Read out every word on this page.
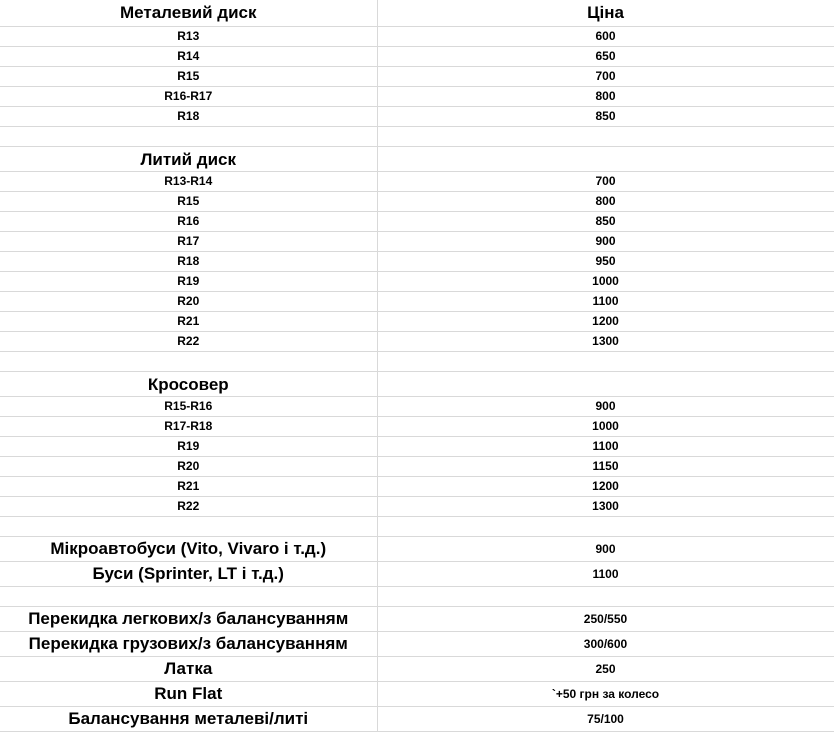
Металевий диск	Ціна
R13	600
R14	650
R15	700
R16-R17	800
R18	850

Литий диск	
R13-R14	700
R15	800
R16	850
R17	900
R18	950
R19	1000
R20	1100
R21	1200
R22	1300

Кросовер	
R15-R16	900
R17-R18	1000
R19	1100
R20	1150
R21	1200
R22	1300

Мікроавтобуси (Vito, Vivaro і т.д.)	900
Буси (Sprinter, LT і т.д.)	1100

Перекидка легкових/з балансуванням	250/550
Перекидка грузових/з балансуванням	300/600
Латка	250
Run Flat	`+50 грн за колесо
Балансування металеві/литі	75/100
